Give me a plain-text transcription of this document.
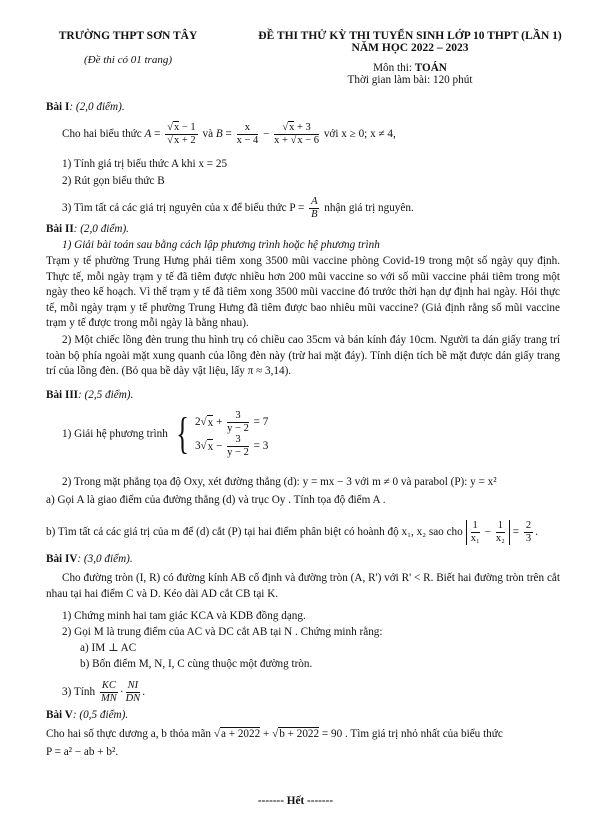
TRƯỜNG THPT SƠN TÂY
(Đề thi có 01 trang)
ĐỀ THI THỬ KỲ THI TUYỂN SINH LỚP 10 THPT (LẦN 1)
NĂM HỌC 2022 – 2023
Môn thi: TOÁN
Thời gian làm bài: 120 phút
Bài I: (2,0 điểm).
Cho hai biểu thức $A = \frac{√x - 1}{√x + 2}$ và $B = \frac{x}{x - 4} - \frac{√x + 3}{x + √x - 6}$ với x ≥ 0; x ≠ 4,
1) Tính giá trị biểu thức A khi x = 25
2) Rút gọn biểu thức B
3) Tìm tất cả các giá trị nguyên của x để biểu thức $P = \frac{A}{B}$ nhận giá trị nguyên.
Bài II: (2,0 điểm).
1) Giải bài toán sau bằng cách lập phương trình hoặc hệ phương trình
Trạm y tế phường Trung Hưng phải tiêm xong 3500 mũi vaccine phòng Covid-19 trong một số ngày quy định. Thực tế, mỗi ngày trạm y tế đã tiêm được nhiều hơn 200 mũi vaccine so với số mũi vaccine phải tiêm trong một ngày theo kế hoạch. Vì thế trạm y tế đã tiêm xong 3500 mũi vaccine đó trước thời hạn dự định hai ngày. Hỏi thực tế, mỗi ngày trạm y tế phường Trung Hưng đã tiêm được bao nhiêu mũi vaccine? (Giả định rằng số mũi vaccine trạm y tế được trong mỗi ngày là bằng nhau).
2) Một chiếc lồng đèn trung thu hình trụ có chiều cao 35cm và bán kính đáy 10cm. Người ta dán giấy trang trí toàn bộ phía ngoài mặt xung quanh của lồng đèn này (trừ hai mặt đáy). Tính diện tích bề mặt được dán giấy trang trí của lồng đèn. (Bỏ qua bề dày vật liệu, lấy π ≈ 3,14).
Bài III: (2,5 điểm).
1) Giải hệ phương trình { 2√ $x + \frac{3}{y - 2} = 7$
3√ $x - \frac{3}{y - 2} = 3$
2) Trong mặt phẳng tọa độ Oxy, xét đường thẳng (d): y = mx − 3 với m ≠ 0 và parabol (P): y = x²
a) Gọi A là giao điểm của đường thẳng (d) và trục Oy . Tính tọa độ điểm A .
b) Tìm tất cả các giá trị của m để (d) cắt (P) tại hai điểm phân biệt có hoành độ x₁, x₂ sao cho $\frac{1}{\text{x₁}} - \frac{1}{\text{x₂}} = \frac{2}{3}$ .
Bài IV: (3,0 điểm).
Cho đường tròn (I, R) có đường kính AB cố định và đường tròn (A, R') với R' < R. Biết hai đường tròn trên cắt nhau tại hai điểm C và D. Kéo dài AD cắt CB tại K.
1) Chứng minh hai tam giác KCA và KDB đồng dạng.
2) Gọi M là trung điểm của AC và DC cắt AB tại N . Chứng minh rằng:
a) IM ⊥ AC
b) Bốn điểm M, N, I, C cùng thuộc một đường tròn.
3) Tính $\frac{KC}{MN} \cdot \frac{NI}{DN}$ .
Bài V: (0,5 điểm).
Cho hai số thực dương a, b thỏa mãn √a + 2022 + √b + 2022 = 90 . Tìm giá trị nhỏ nhất của biểu thức
P = a² − ab + b².
------- Hết -------
